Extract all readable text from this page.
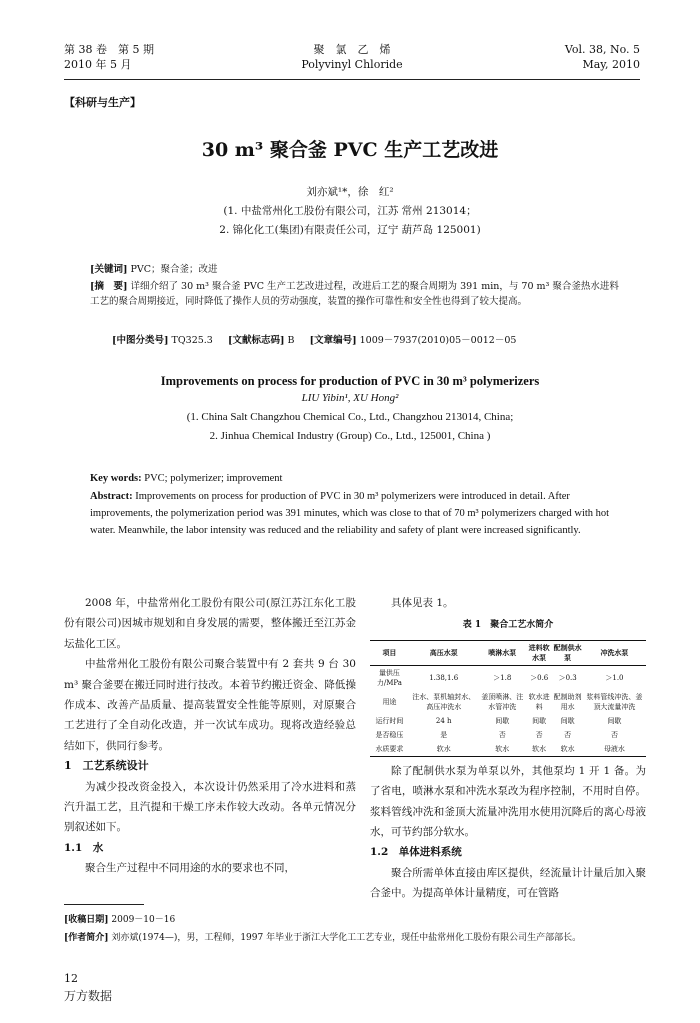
第 38 卷　第 5 期
2010 年 5 月
聚　氯　乙　烯
Polyvinyl Chloride
Vol. 38, No. 5
May, 2010
【科研与生产】
30 m³ 聚合釜 PVC 生产工艺改进
刘亦斌¹*，徐　红²
(1. 中盐常州化工股份有限公司，江苏 常州 213014；
2. 锦化化工(集团)有限责任公司，辽宁 葫芦岛 125001)
[关键词] PVC；聚合釜；改进
[摘　要] 详细介绍了 30 m³ 聚合釜 PVC 生产工艺改进过程，改进后工艺的聚合周期为 391 min，与 70 m³ 聚合釜热水进料工艺的聚合周期接近，同时降低了操作人员的劳动强度，装置的操作可靠性和安全性也得到了较大提高。
[中图分类号] TQ325.3 [文献标志码] B [文章编号] 1009－7937(2010)05－0012－05
Improvements on process for production of PVC in 30 m³ polymerizers
LIU Yibin¹, XU Hong²
(1. China Salt Changzhou Chemical Co., Ltd., Changzhou 213014, China;
2. Jinhua Chemical Industry (Group) Co., Ltd., 125001, China )
Key words: PVC; polymerizer; improvement
Abstract: Improvements on process for production of PVC in 30 m³ polymerizers were introduced in detail. After improvements, the polymerization period was 391 minutes, which was close to that of 70 m³ polymerizers charged with hot water. Meanwhile, the labor intensity was reduced and the reliability and safety of plant were increased significantly.

2008 年，中盐常州化工股份有限公司(原江苏江东化工股份有限公司)因城市规划和自身发展的需要，整体搬迁至江苏金坛盐化工区。

中盐常州化工股份有限公司聚合装置中有 2 套共 9 台 30 m³ 聚合釜要在搬迁同时进行技改。本着节约搬迁资金、降低操作成本、改善产品质量、提高装置安全性能等原则，对原聚合工艺进行了全自动化改造，并一次试车成功。现将改造经验总结如下，供同行参考。

1　工艺系统设计

为减少投改资金投入，本次设计仍然采用了冷水进料和蒸汽升温工艺，且汽提和干燥工序未作较大改动。各单元情况分别叙述如下。

1.1　水

聚合生产过程中不同用途的水的要求也不同，

具体见表 1。

表 1　聚合工艺水简介
项目	高压水泵	喷淋水泵	进料软水泵	配制供水泵	冲洗水泵
量供压力/MPa	1.38,1.6	＞1.8	＞0.6	＞0.3	＞1.0
用途	注水、泵机轴封水、高压冲洗水	釜顶喷淋、注水管冲洗	软水进料	配制助剂用水	浆料管线冲洗、釜顶大流量冲洗
运行时间	24 h	间歇	间歇	间歇	间歇
是否稳压	是	否	否	否	否
水质要求	软水	软水	软水	软水	母液水

除了配制供水泵为单泵以外，其他泵均 1 开 1 备。为了省电，喷淋水泵和冲洗水泵改为程序控制，不用时自停。浆料管线冲洗和釜顶大流量冲洗用水使用沉降后的离心母液水，可节约部分软水。

1.2　单体进料系统

聚合所需单体直接由库区提供，经流量计计量后加入聚合釜中。为提高单体计量精度，可在管路

[收稿日期] 2009－10－16
[作者简介] 刘亦斌(1974—)，男，工程师，1997 年毕业于浙江大学化工工艺专业，现任中盐常州化工股份有限公司生产部部长。
12
万方数据
